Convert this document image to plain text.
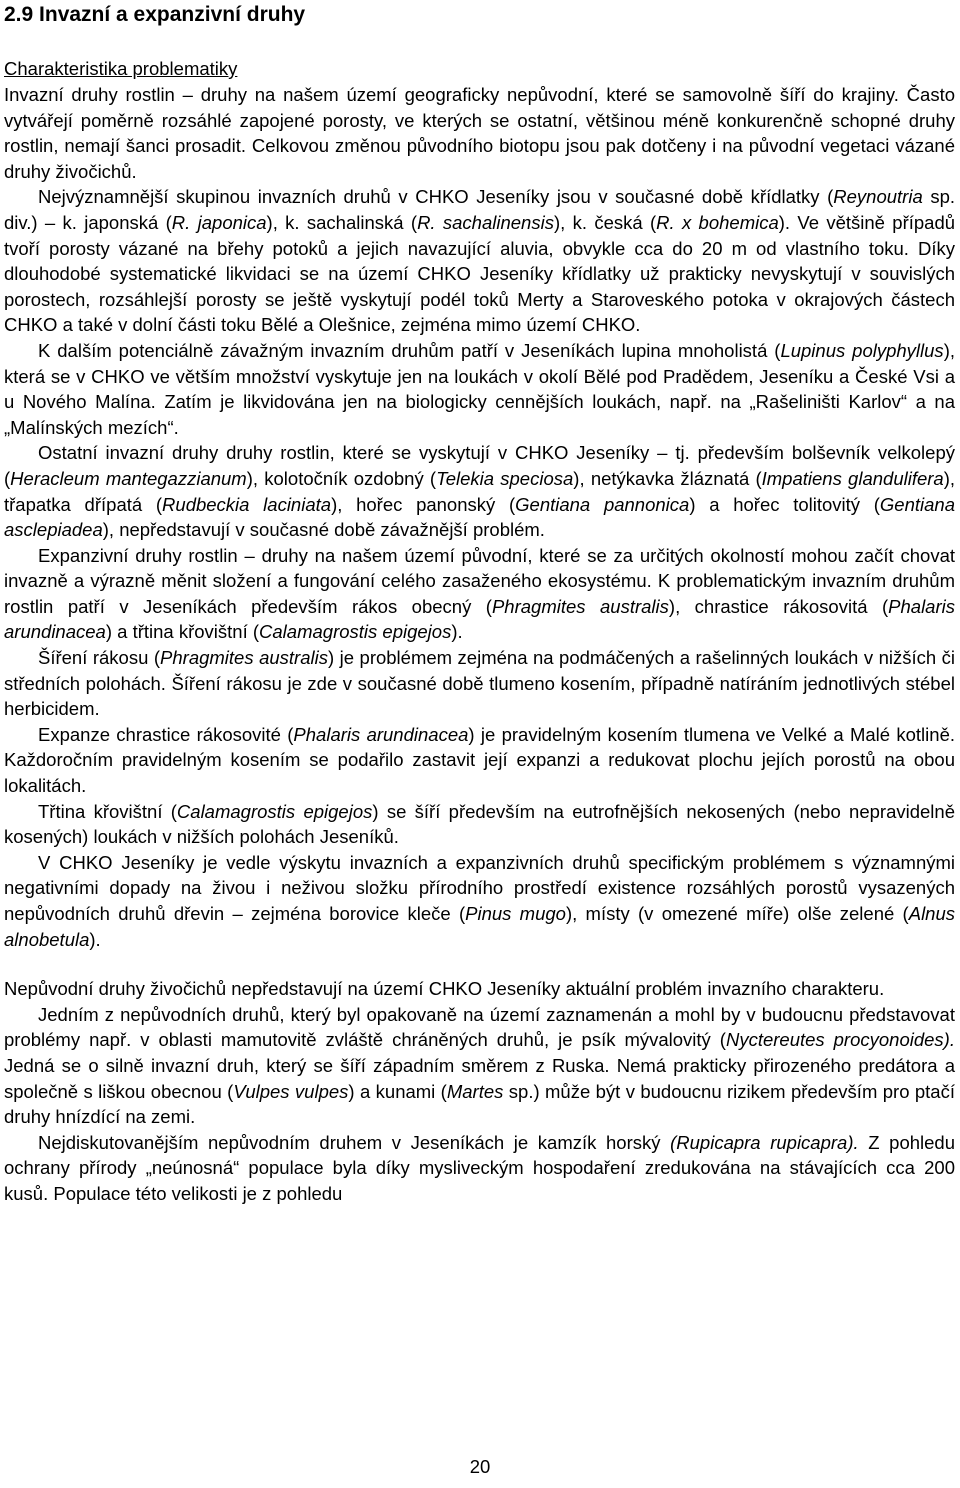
2.9 Invazní a expanzivní druhy
Charakteristika problematiky

Invazní druhy rostlin – druhy na našem území geograficky nepůvodní, které se samovolně šíří do krajiny. Často vytvářejí poměrně rozsáhlé zapojené porosty, ve kterých se ostatní, většinou méně konkurenčně schopné druhy rostlin, nemají šanci prosadit. Celkovou změnou původního biotopu jsou pak dotčeny i na původní vegetaci vázané druhy živočichů.

Nejvýznamnější skupinou invazních druhů v CHKO Jeseníky jsou v současné době křídlatky (Reynoutria sp. div.) – k. japonská (R. japonica), k. sachalinská (R. sachalinensis), k. česká (R. x bohemica). Ve většině případů tvoří porosty vázané na břehy potoků a jejich navazující aluvia, obvykle cca do 20 m od vlastního toku. Díky dlouhodobé systematické likvidaci se na území CHKO Jeseníky křídlatky už prakticky nevyskytují v souvislých porostech, rozsáhlejší porosty se ještě vyskytují podél toků Merty a Staroveského potoka v okrajových částech CHKO a také v dolní části toku Bělé a Olešnice, zejména mimo území CHKO.

K dalším potenciálně závažným invazním druhům patří v Jeseníkách lupina mnoholistá (Lupinus polyphyllus), která se v CHKO ve větším množství vyskytuje jen na loukách v okolí Bělé pod Pradědem, Jeseníku a České Vsi a u Nového Malína. Zatím je likvidována jen na biologicky cennějších loukách, např. na „Rašeliništi Karlov“ a na „Malínských mezích“.

Ostatní invazní druhy druhy rostlin, které se vyskytují v CHKO Jeseníky – tj. především bolševník velkolepý (Heracleum mantegazzianum), kolotočník ozdobný (Telekia speciosa), netýkavka žláznatá (Impatiens glandulifera), třapatka dřípatá (Rudbeckia laciniata), hořec panonský (Gentiana pannonica) a hořec tolitovitý (Gentiana asclepiadea), nepředstavují v současné době závažnější problém.

Expanzivní druhy rostlin – druhy na našem území původní, které se za určitých okolností mohou začít chovat invazně a výrazně měnit složení a fungování celého zasaženého ekosystému. K problematickým invazním druhům rostlin patří v Jeseníkách především rákos obecný (Phragmites australis), chrastice rákosovitá (Phalaris arundinacea) a třtina křovištní (Calamagrostis epigejos).

Šíření rákosu (Phragmites australis) je problémem zejména na podmáčených a rašelinných loukách v nižších či středních polohách. Šíření rákosu je zde v současné době tlumeno kosením, případně natíráním jednotlivých stébel herbicidem.

Expanze chrastice rákosovité (Phalaris arundinacea) je pravidelným kosením tlumena ve Velké a Malé kotlině. Každoročním pravidelným kosením se podařilo zastavit její expanzi a redukovat plochu jejích porostů na obou lokalitách.

Třtina křovištní (Calamagrostis epigejos) se šíří především na eutrofnějších nekosených (nebo nepravidelně kosených) loukách v nižších polohách Jeseníků.

V CHKO Jeseníky je vedle výskytu invazních a expanzivních druhů specifickým problémem s významnými negativními dopady na živou i neživou složku přírodního prostředí existence rozsáhlých porostů vysazených nepůvodních druhů dřevin – zejména borovice kleče (Pinus mugo), místy (v omezené míře) olše zelené (Alnus alnobetula).

Nepůvodní druhy živočichů nepředstavují na území CHKO Jeseníky aktuální problém invazního charakteru.

Jedním z nepůvodních druhů, který byl opakovaně na území zaznamenán a mohl by v budoucnu představovat problémy např. v oblasti mamutovitě zvláště chráněných druhů, je psík mývalovitý (Nyctereutes procyonoides). Jedná se o silně invazní druh, který se šíří západním směrem z Ruska. Nemá prakticky přirozeného predátora a společně s liškou obecnou (Vulpes vulpes) a kunami (Martes sp.) může být v budoucnu rizikem především pro ptačí druhy hnízdící na zemi.

Nejdiskutovanějším nepůvodním druhem v Jeseníkách je kamzík horský (Rupicapra rupicapra). Z pohledu ochrany přírody „neúnosná“ populace byla díky mysliveckým hospodaření zredukována na stávajících cca 200 kusů. Populace této velikosti je z pohledu

20
